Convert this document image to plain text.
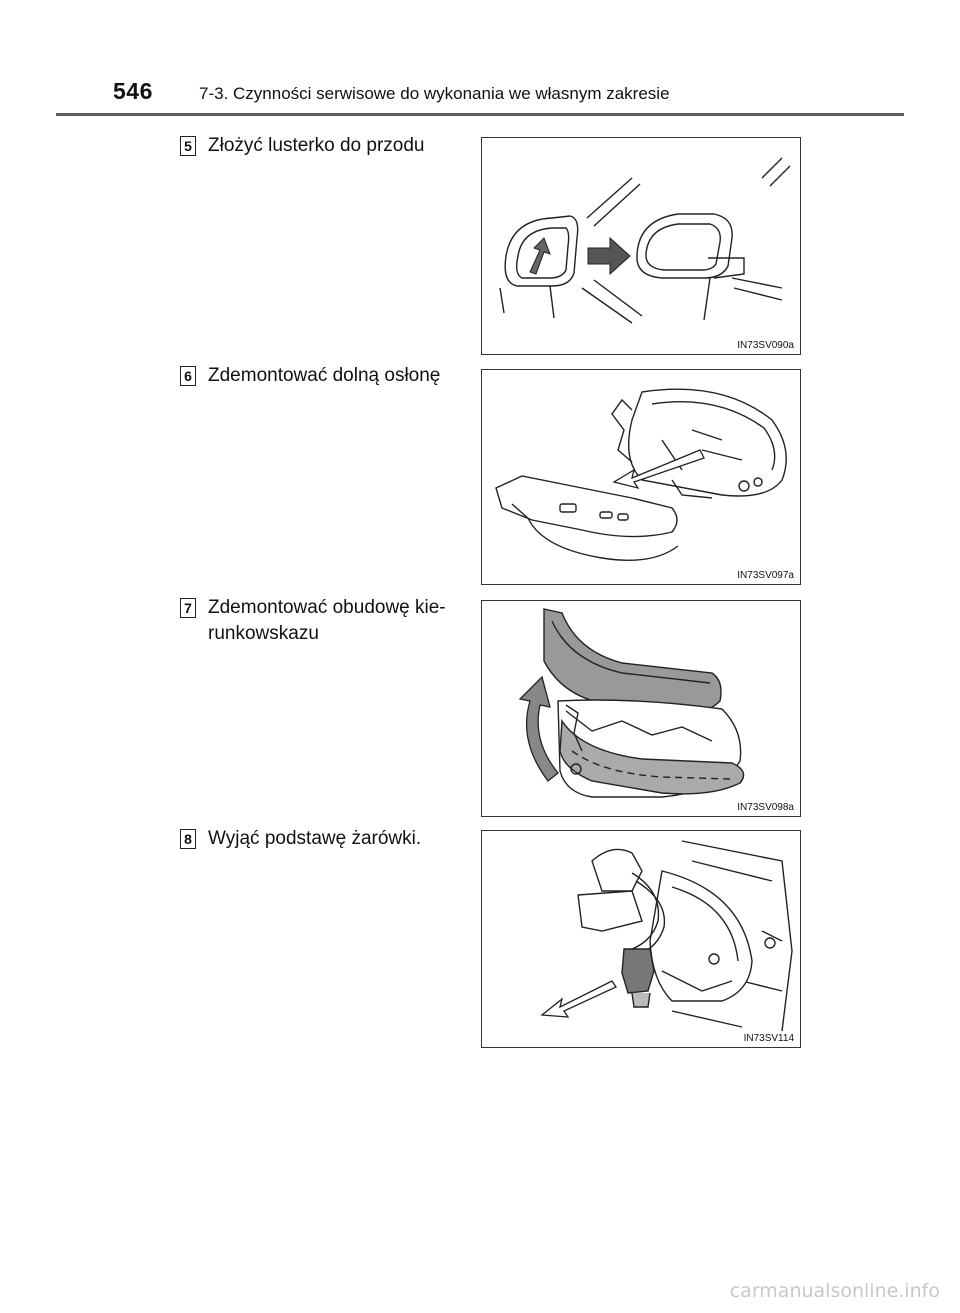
546	7-3. Czynności serwisowe do wykonania we własnym zakresie
5 Złożyć lusterko do przodu
IN73SV090a
6 Zdemontować dolną osłonę
IN73SV097a
7 Zdemontować obudowę kie-runkowskazu
IN73SV098a
8 Wyjąć podstawę żarówki.
IN73SV114
carmanualsonline.info
